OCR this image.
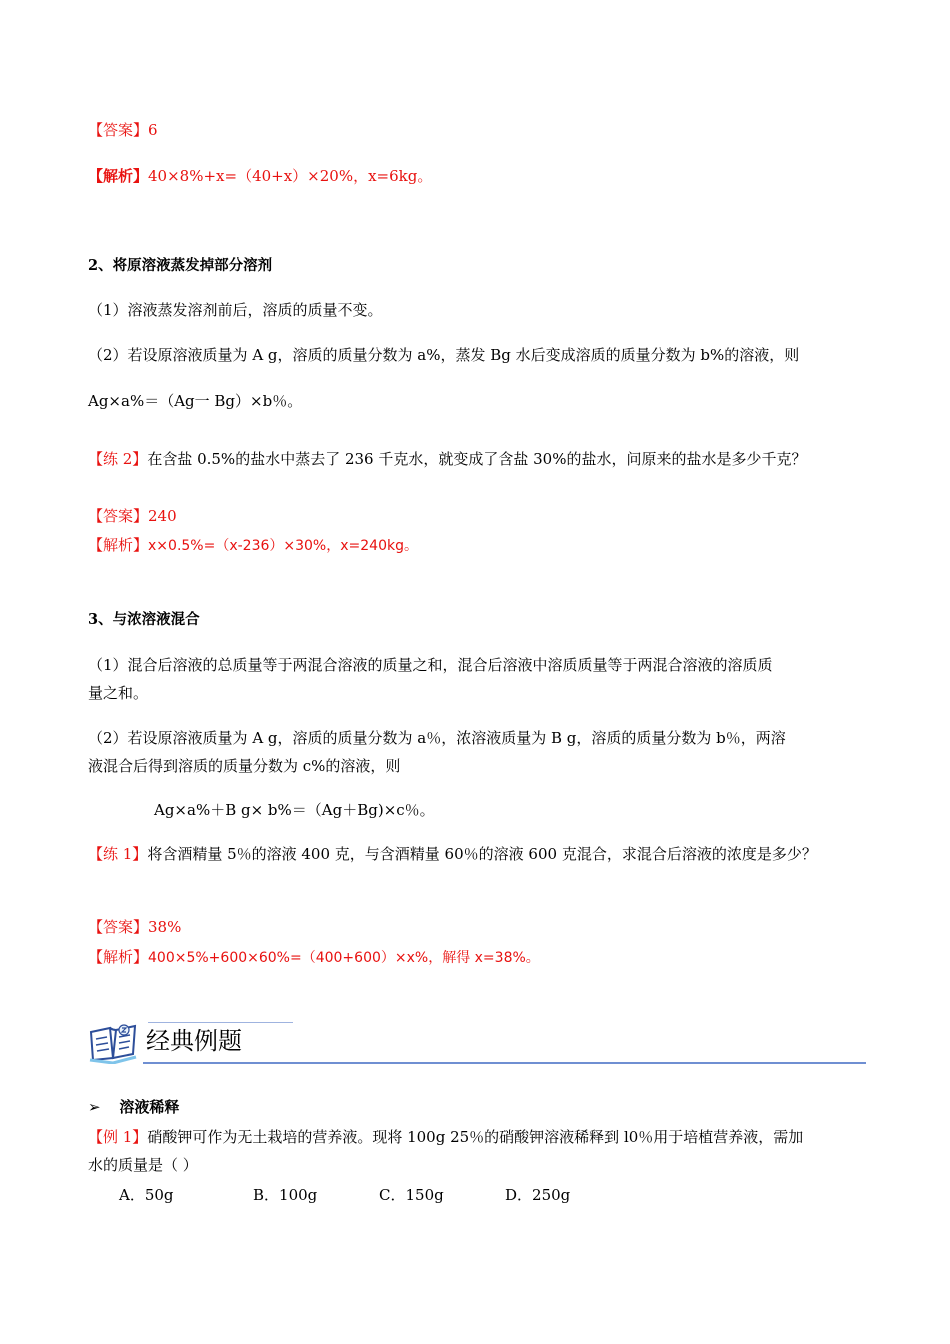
【答案】6
【解析】40×8%+x=（40+x）×20%，x=6kg。
2、将原溶液蒸发掉部分溶剂
（1）溶液蒸发溶剂前后，溶质的质量不变。
（2）若设原溶液质量为 A g，溶质的质量分数为 a%，蒸发 Bg 水后变成溶质的质量分数为 b%的溶液，则
Ag×a%＝（Ag一 Bg）×b％。
【练 2】在含盐 0.5%的盐水中蒸去了 236 千克水，就变成了含盐 30%的盐水，问原来的盐水是多少千克？
【答案】240
【解析】x×0.5%=（x-236）×30%，x=240kg。
3、与浓溶液混合
（1）混合后溶液的总质量等于两混合溶液的质量之和，混合后溶液中溶质质量等于两混合溶液的溶质质
量之和。
（2）若设原溶液质量为 A g，溶质的质量分数为 a％，浓溶液质量为 B g，溶质的质量分数为 b％，两溶
液混合后得到溶质的质量分数为 c%的溶液，则
Ag×a%＋B g× b%＝（Ag＋Bg)×c％。
【练 1】将含酒精量 5％的溶液 400 克，与含酒精量 60％的溶液 600 克混合，求混合后溶液的浓度是多少？
【答案】38%
【解析】400×5%+600×60%=（400+600）×x%，解得 x=38%。
经典例题
➢ 溶液稀释
【例 1】硝酸钾可作为无土栽培的营养液。现将 100g 25％的硝酸钾溶液稀释到 l0％用于培植营养液，需加
水的质量是（ ）
A．50g	B．100g	C．150g	D．250g
